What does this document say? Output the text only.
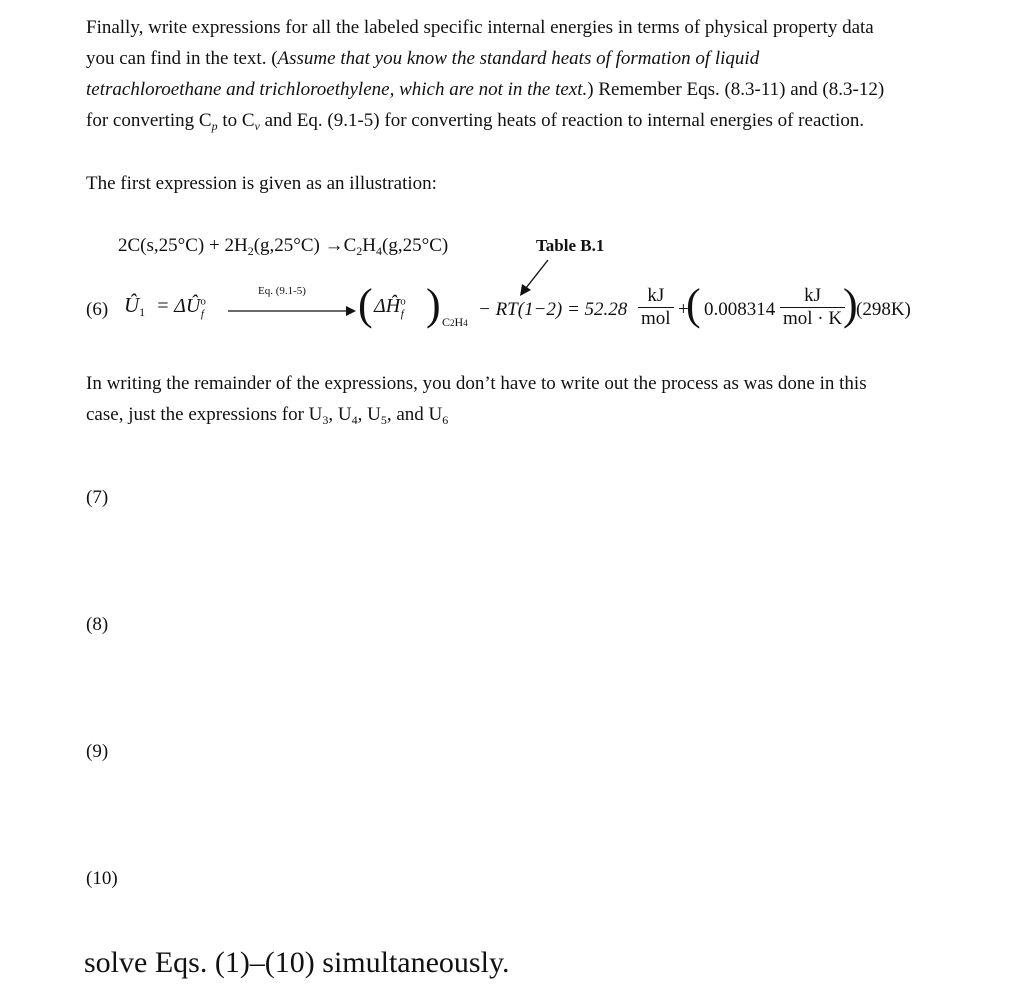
Finally, write expressions for all the labeled specific internal energies in terms of physical property data
you can find in the text. (Assume that you know the standard heats of formation of liquid
tetrachloroethane and trichloroethylene, which are not in the text.) Remember Eqs. (8.3-11) and (8.3-12)
for converting $C_p$ to $C_v$ and Eq. (9.1-5) for converting heats of reaction to internal energies of reaction.
The first expression is given as an illustration:
$2C(s,25^\circ C) + 2H_2(g,25^\circ C) \to C_2H_4(g,25^\circ C)$	Table B.1
(6) $Û_1$ = $\Delta Û^o_f$
Eq. (9.1-5) ( $\Delta Ĥ^o_f$ ) C2H4
− RT(1−2) = 52.28
kJ
mol +
( 0.008314
kJ
mol · K )
(298K)
In writing the remainder of the expressions, you don’t have to write out the process as was done in this
case, just the expressions for $U_3$, $U_4$, $U_5$, and $U_6$
(7)
(8)
(9)
(10)
solve Eqs. (1)–(10) simultaneously.
